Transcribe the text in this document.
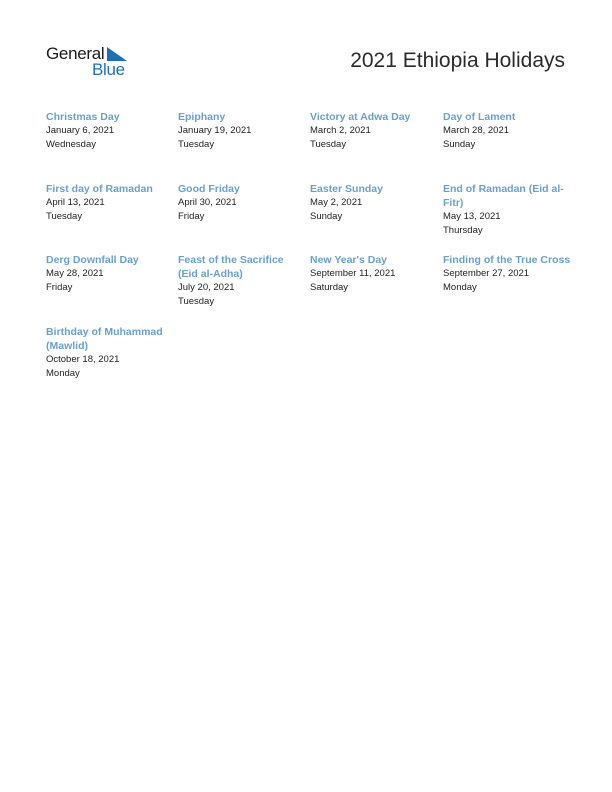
General
Blue	2021 Ethiopia Holidays
Christmas Day
January 6, 2021
Wednesday
Epiphany
January 19, 2021
Tuesday
Victory at Adwa Day
March 2, 2021
Tuesday
Day of Lament
March 28, 2021
Sunday
First day of Ramadan
April 13, 2021
Tuesday
Good Friday
April 30, 2021
Friday
Easter Sunday
May 2, 2021
Sunday
End of Ramadan (Eid al-Fitr)
May 13, 2021
Thursday
Derg Downfall Day
May 28, 2021
Friday
Feast of the Sacrifice (Eid al-Adha)
July 20, 2021
Tuesday
New Year's Day
September 11, 2021
Saturday
Finding of the True Cross
September 27, 2021
Monday
Birthday of Muhammad (Mawlid)
October 18, 2021
Monday
